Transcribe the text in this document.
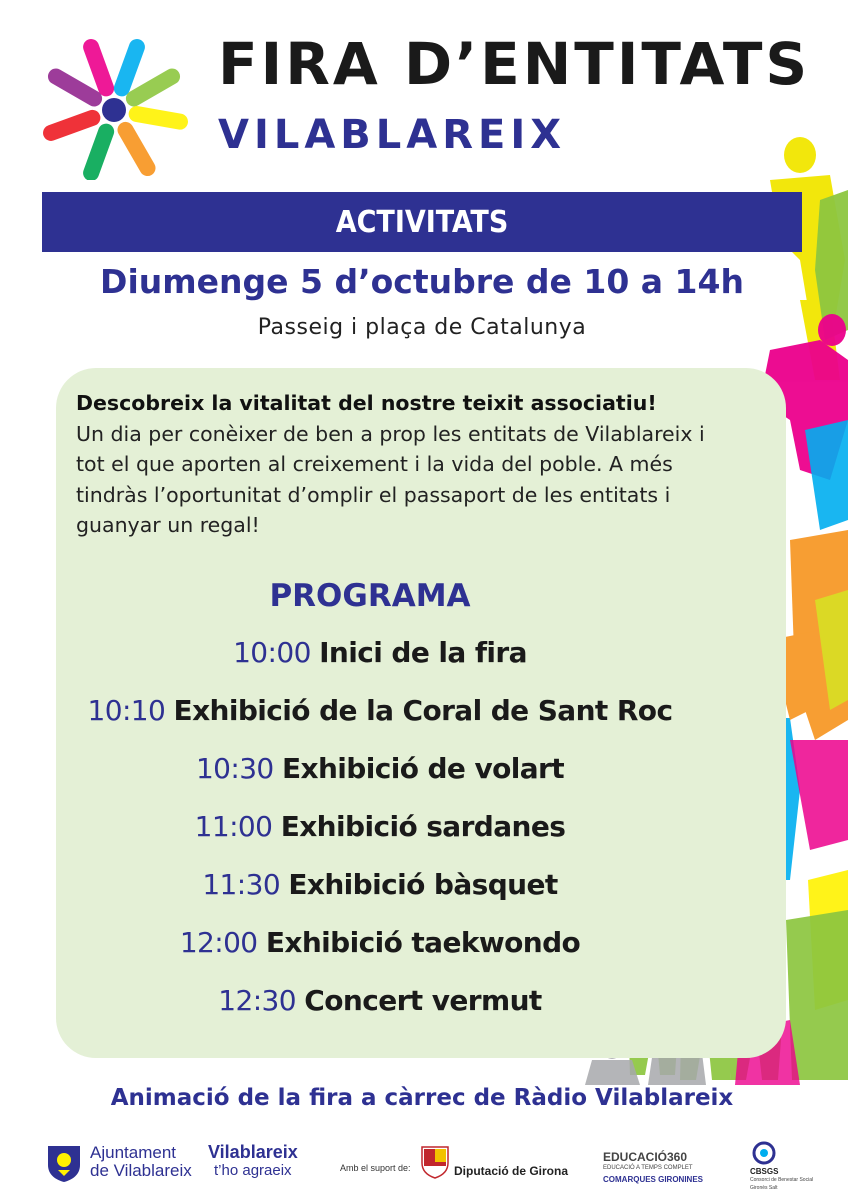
FIRA D’ENTITATS
VILABLAREIX
ACTIVITATS
Diumenge 5 d’octubre de 10 a 14h
Passeig i plaça de Catalunya
Descobreix la vitalitat del nostre teixit associatiu!
Un dia per conèixer de ben a prop les entitats de Vilablareix i tot el que aporten al creixement i la vida del poble. A més tindràs l’oportunitat d’omplir el passaport de les entitats i guanyar un regal!
PROGRAMA
10:00 Inici de la fira
10:10 Exhibició de la Coral de Sant Roc
10:30 Exhibició de volart
11:00 Exhibició sardanes
11:30 Exhibició bàsquet
12:00 Exhibició taekwondo
12:30 Concert vermut
Animació de la fira a càrrec de Ràdio Vilablareix
Ajuntament
de Vilablareix
Vilablareix
t’ho agraeix	Amb el suport de:	Diputació de Girona
EDUCACIÓ360
EDUCACIÓ A TEMPS COMPLET
COMARQUES GIRONINES
CBSGS
Consorci de Benestar Social
Gironès Salt
